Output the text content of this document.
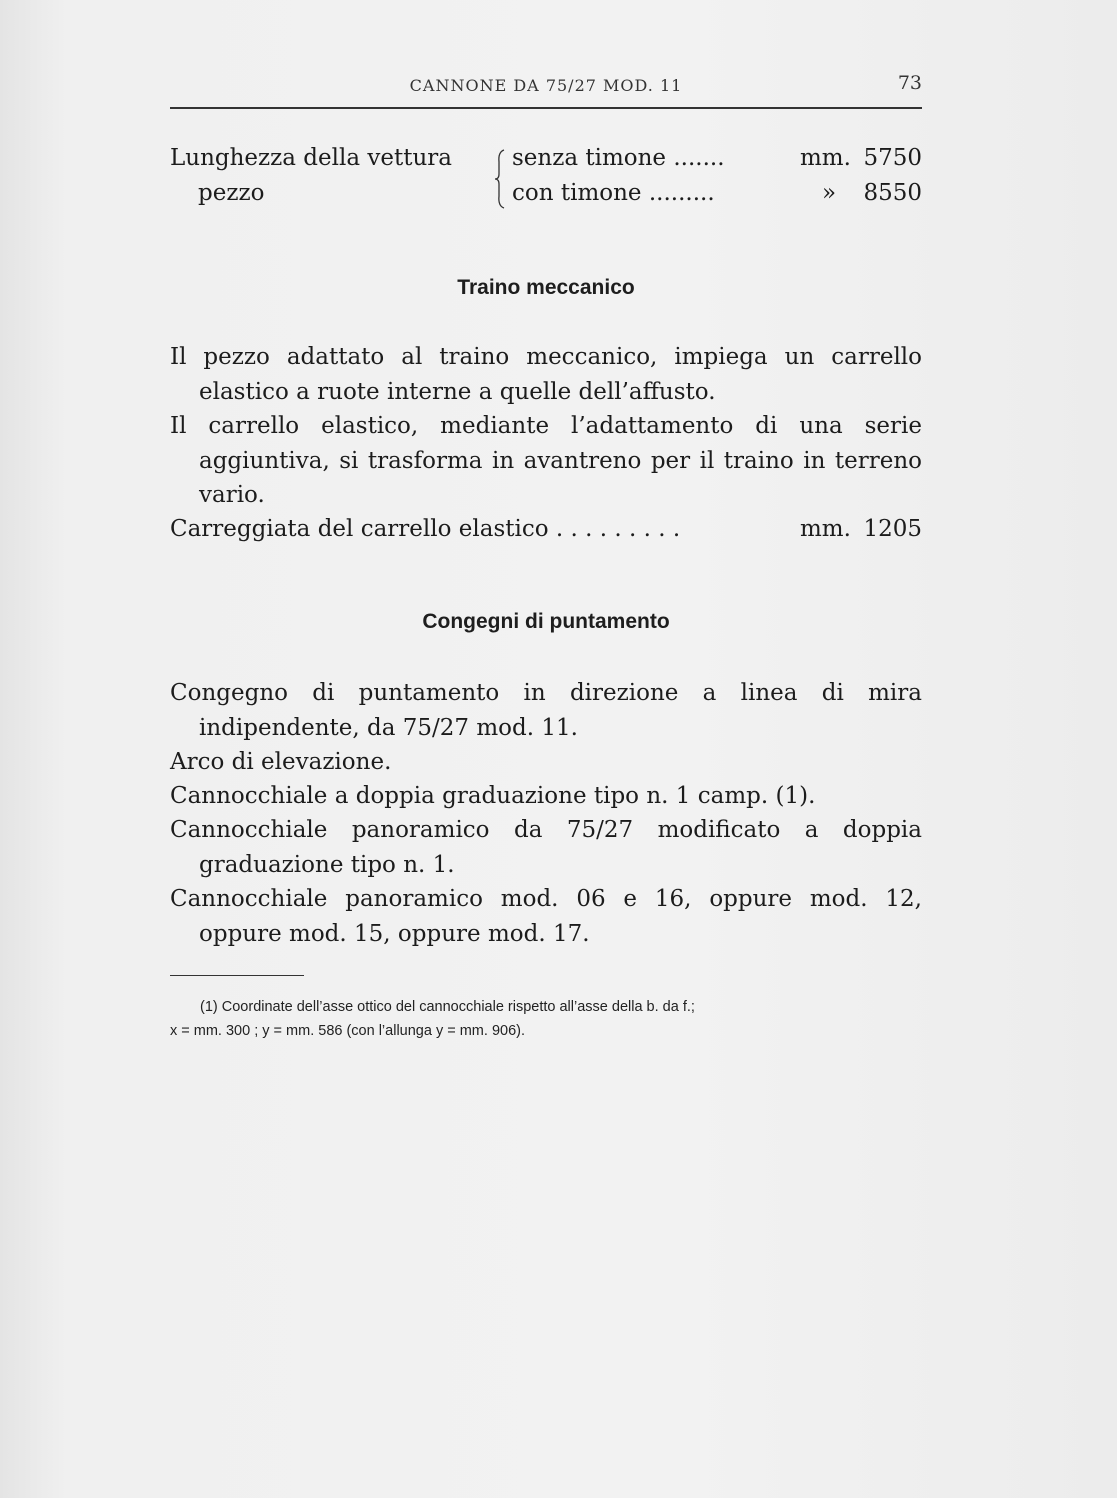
CANNONE DA 75/27 MOD. 11	73
Lunghezza della vettura
pezzo
senza timone .......	mm. 5750
con timone .........	» 8550
Traino meccanico
Il pezzo adattato al traino meccanico, impiega un carrello elastico a ruote interne a quelle dell’affusto.
Il carrello elastico, mediante l’adattamento di una serie aggiuntiva, si trasforma in avantreno per il traino in terreno vario.
Carreggiata del carrello elastico . . . . . . . . .	mm. 1205
Congegni di puntamento
Congegno di puntamento in direzione a linea di mira indipendente, da 75/27 mod. 11.
Arco di elevazione.
Cannocchiale a doppia graduazione tipo n. 1 camp. (1).
Cannocchiale panoramico da 75/27 modificato a doppia graduazione tipo n. 1.
Cannocchiale panoramico mod. 06 e 16, oppure mod. 12, oppure mod. 15, oppure mod. 17.
(1) Coordinate dell’asse ottico del cannocchiale rispetto all’asse della b. da f.;
x = mm. 300 ; y = mm. 586 (con l’allunga y = mm. 906).
